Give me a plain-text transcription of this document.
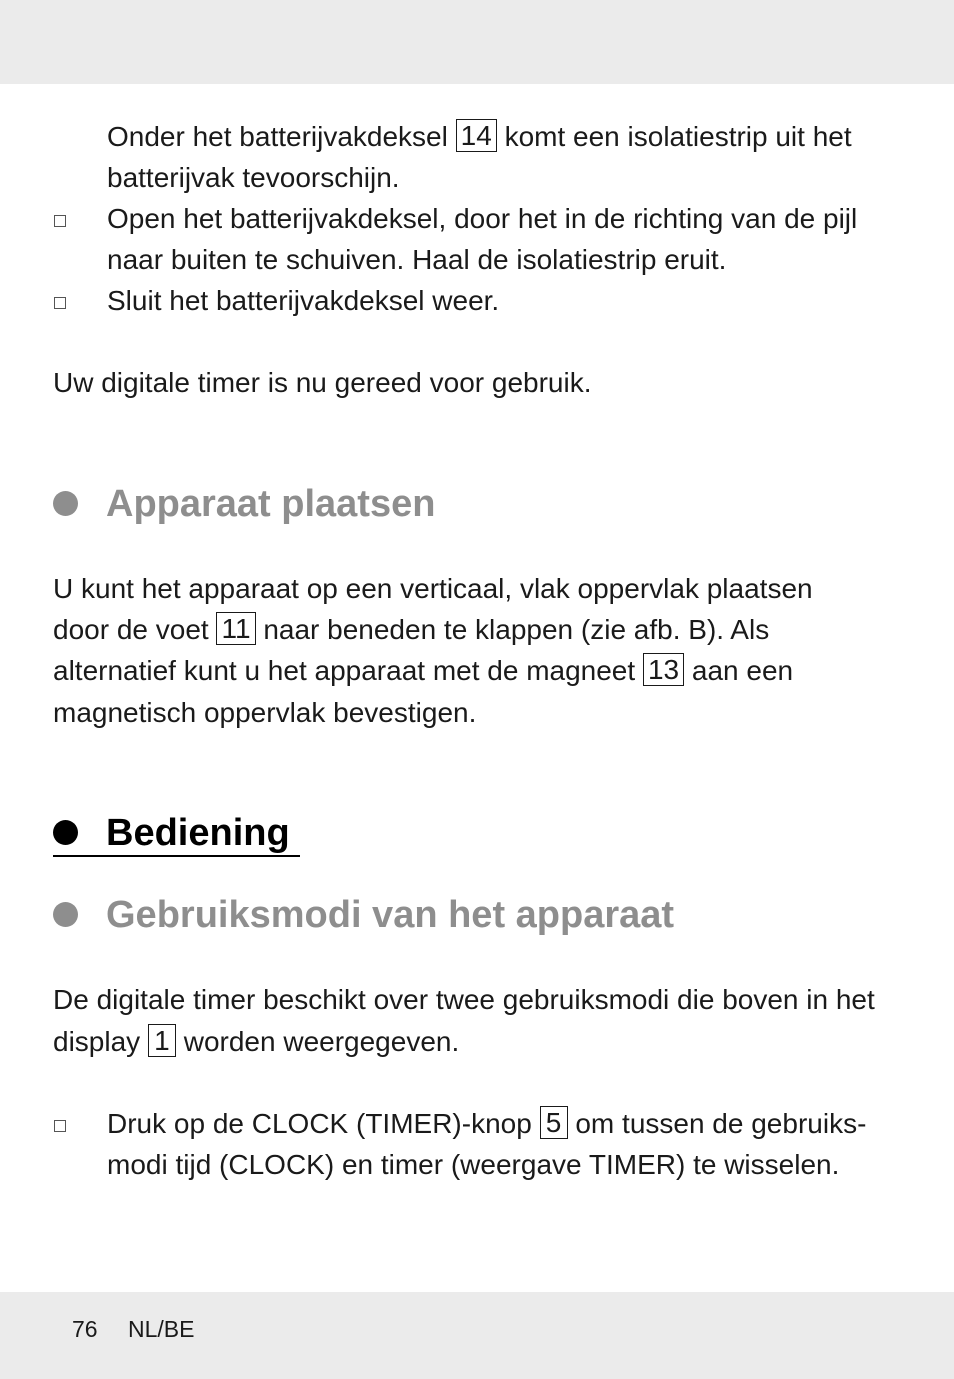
Onder het batterijvakdeksel 14 komt een isolatiestrip uit het

batterijvak tevoorschijn.

Open het batterijvakdeksel, door het in de richting van de pijl

naar buiten te schuiven. Haal de isolatiestrip eruit.

Sluit het batterijvakdeksel weer.

Uw digitale timer is nu gereed voor gebruik.

Apparaat plaatsen

U kunt het apparaat op een verticaal, vlak oppervlak plaatsen

door de voet 11 naar beneden te klappen (zie afb. B). Als

alternatief kunt u het apparaat met de magneet 13 aan een

magnetisch oppervlak bevestigen.

Bediening
Gebruiksmodi van het apparaat

De digitale timer beschikt over twee gebruiksmodi die boven in het

display 1 worden weergegeven.

Druk op de CLOCK (TIMER)-knop 5 om tussen de gebruiks-

modi tijd (CLOCK) en timer (weergave TIMER) te wisselen.

76 NL/BE
